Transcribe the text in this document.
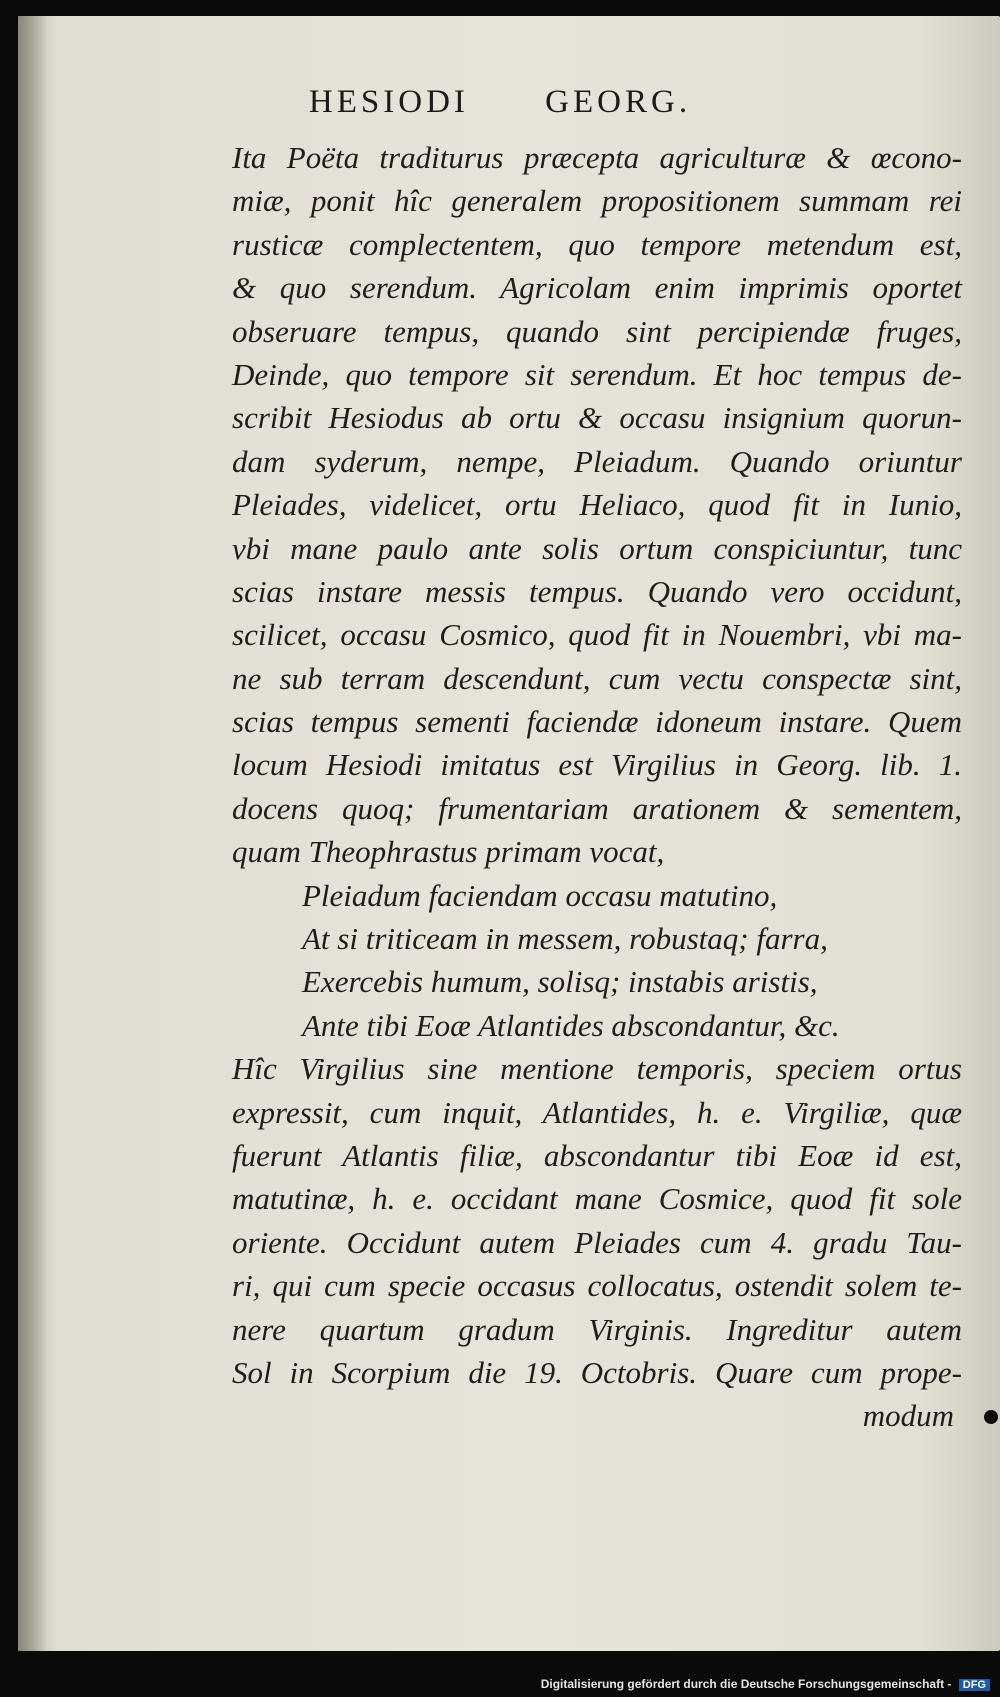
HESIODI GEORG.
Ita Poëta traditurus præcepta agriculturæ & œcono-
miæ, ponit hîc generalem propositionem summam rei
rusticæ complectentem, quo tempore metendum est,
& quo serendum. Agricolam enim imprimis oportet
obseruare tempus, quando sint percipiendæ fruges,
Deinde, quo tempore sit serendum. Et hoc tempus de-
scribit Hesiodus ab ortu & occasu insignium quorun-
dam syderum, nempe, Pleiadum. Quando oriuntur
Pleiades, videlicet, ortu Heliaco, quod fit in Iunio,
vbi mane paulo ante solis ortum conspiciuntur, tunc
scias instare messis tempus. Quando vero occidunt,
scilicet, occasu Cosmico, quod fit in Nouembri, vbi ma-
ne sub terram descendunt, cum vectu conspectæ sint,
scias tempus sementi faciendæ idoneum instare. Quem
locum Hesiodi imitatus est Virgilius in Georg. lib. 1.
docens quoq; frumentariam arationem & sementem,
quam Theophrastus primam vocat,
Pleiadum faciendam occasu matutino,
At si triticeam in messem, robustaq; farra,
Exercebis humum, solisq; instabis aristis,
Ante tibi Eoæ Atlantides abscondantur, &c.
Hîc Virgilius sine mentione temporis, speciem ortus
expressit, cum inquit, Atlantides, h. e. Virgiliæ, quæ
fuerunt Atlantis filiæ, abscondantur tibi Eoæ id est,
matutinæ, h. e. occidant mane Cosmice, quod fit sole
oriente. Occidunt autem Pleiades cum 4. gradu Tau-
ri, qui cum specie occasus collocatus, ostendit solem te-
nere quartum gradum Virginis. Ingreditur autem
Sol in Scorpium die 19. Octobris. Quare cum prope-
modum
Digitalisierung gefördert durch die Deutsche Forschungsgemeinschaft - DFG
